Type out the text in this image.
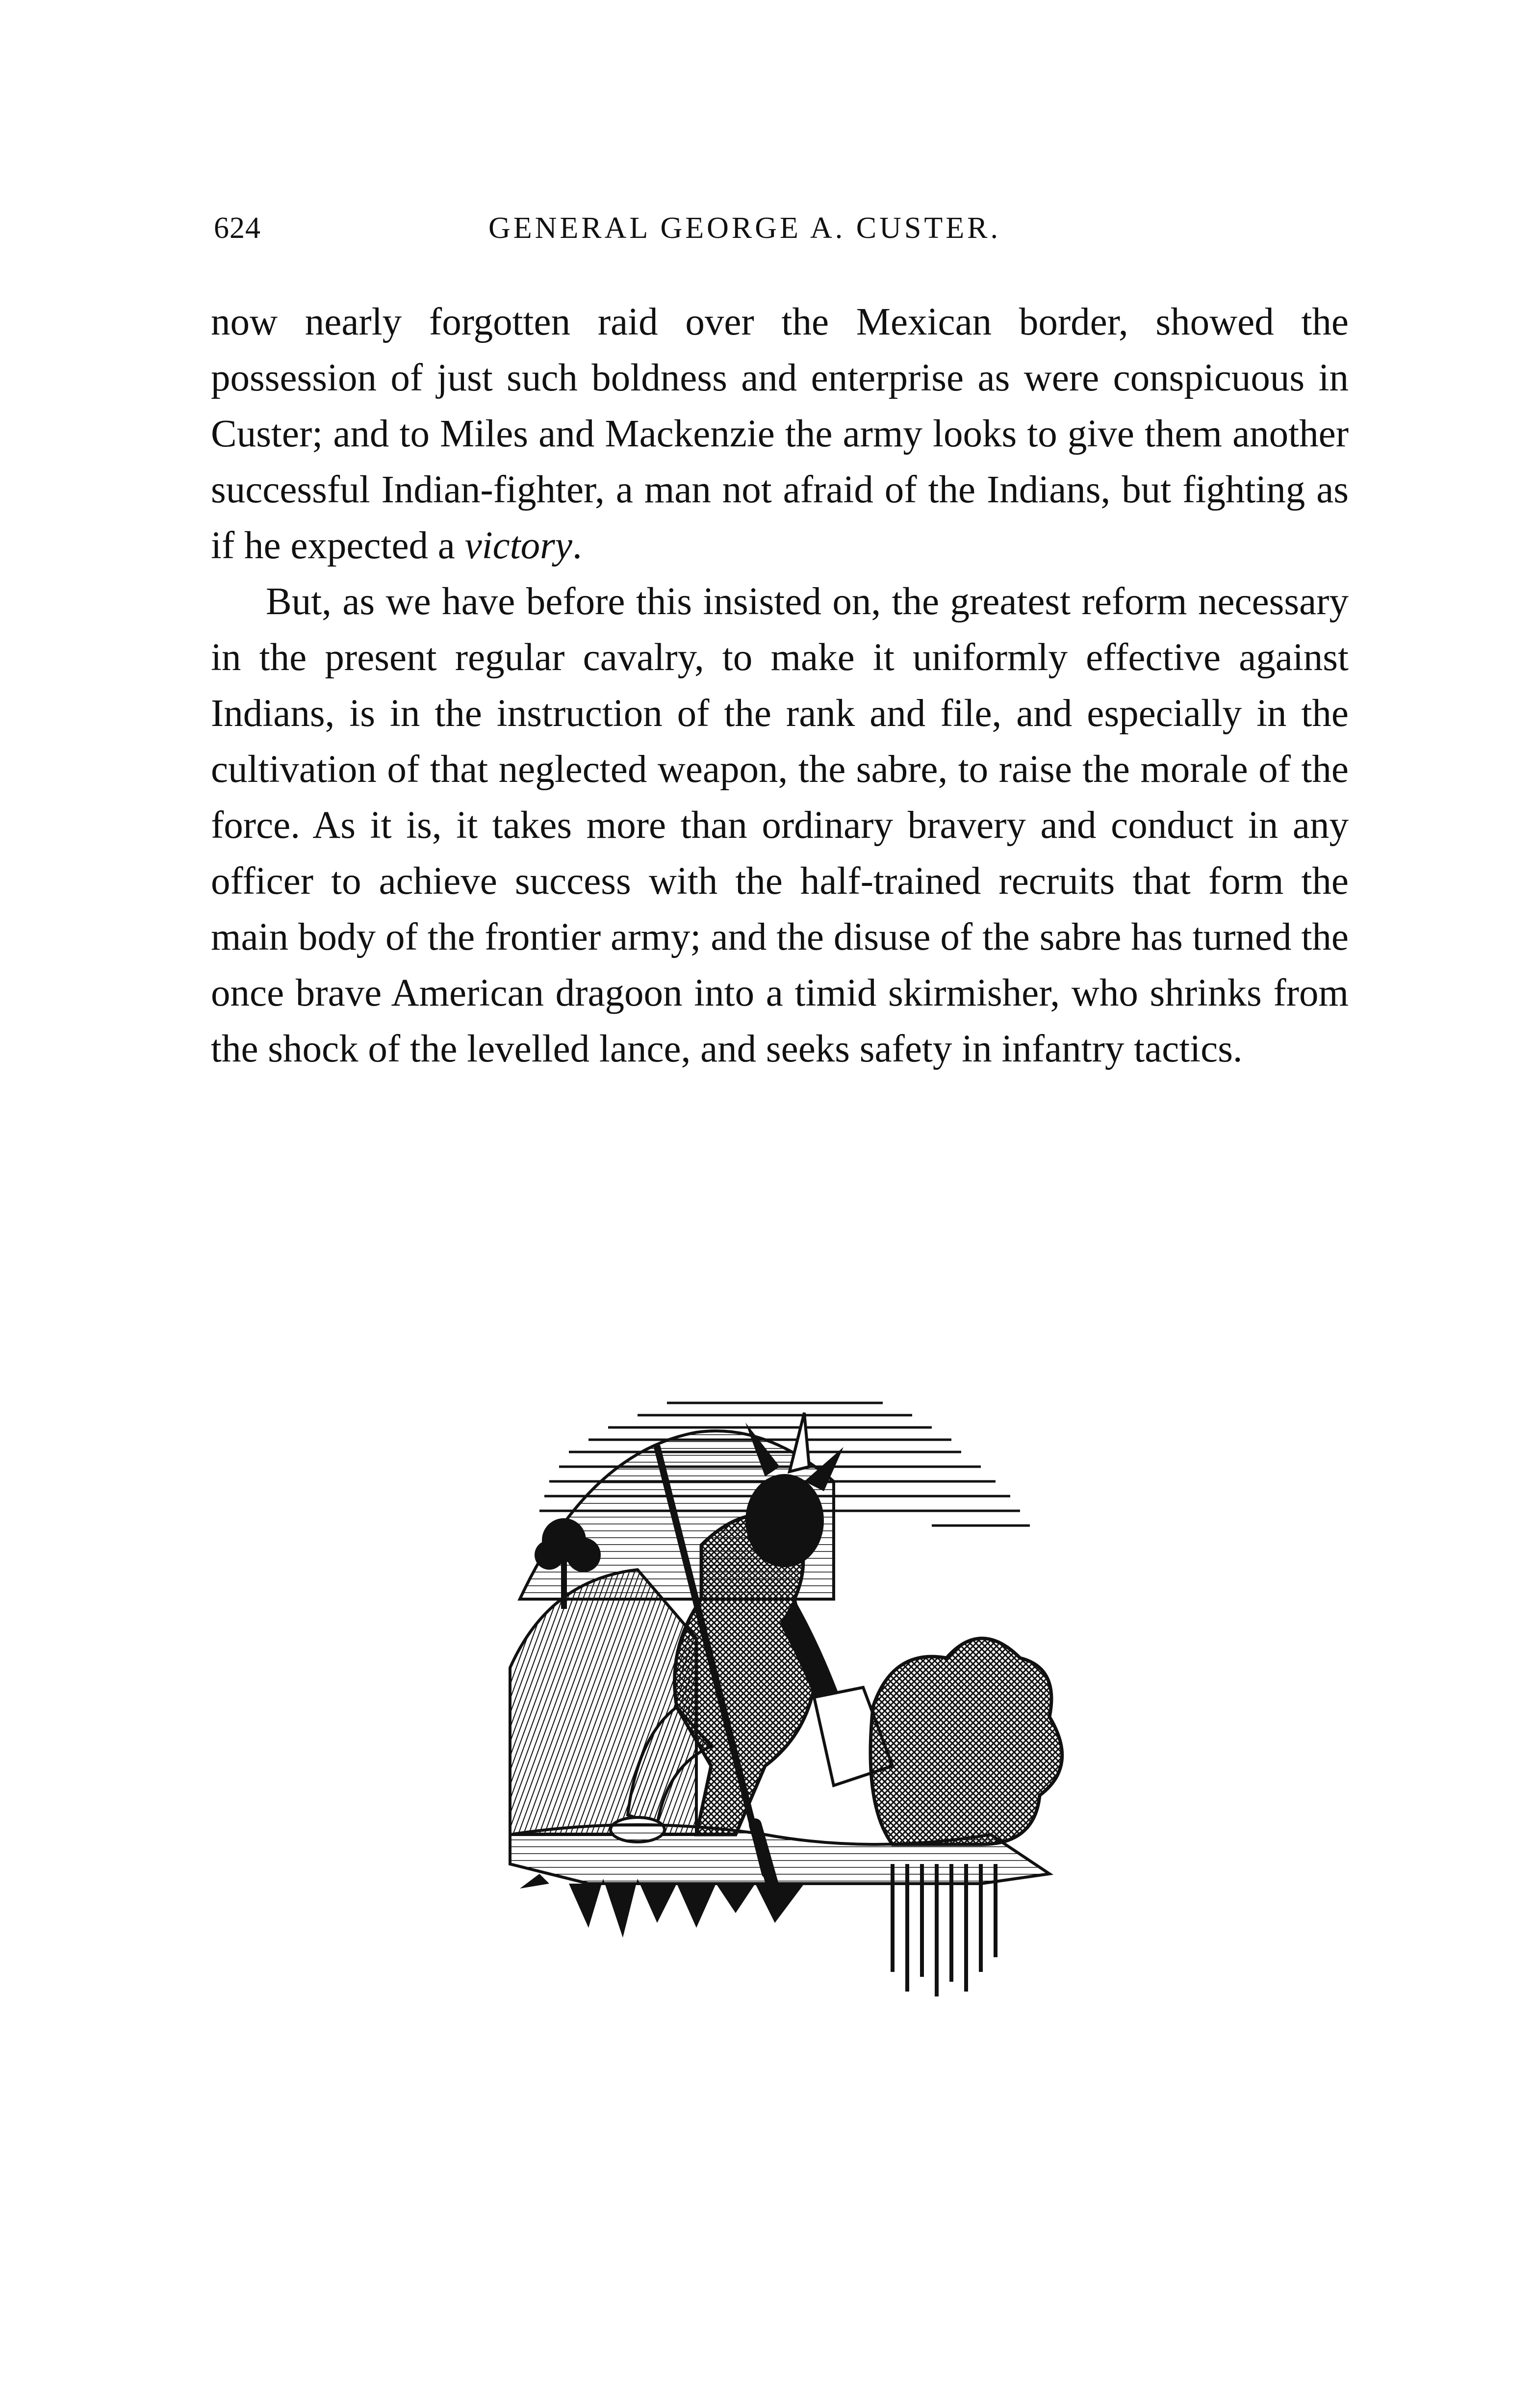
624	GENERAL GEORGE A. CUSTER.

now nearly forgotten raid over the Mexican border, showed the possession of just such boldness and enterprise as were conspicuous in Custer; and to Miles and Mackenzie the army looks to give them another successful Indian-fighter, a man not afraid of the Indians, but fighting as if he expected a victory.

But, as we have before this insisted on, the greatest reform necessary in the present regular cavalry, to make it uniformly effective against Indians, is in the instruction of the rank and file, and especially in the cultivation of that neglected weapon, the sabre, to raise the morale of the force. As it is, it takes more than ordinary bravery and conduct in any officer to achieve success with the half-trained recruits that form the main body of the frontier army; and the disuse of the sabre has turned the once brave American dragoon into a timid skirmisher, who shrinks from the shock of the levelled lance, and seeks safety in infantry tactics.
